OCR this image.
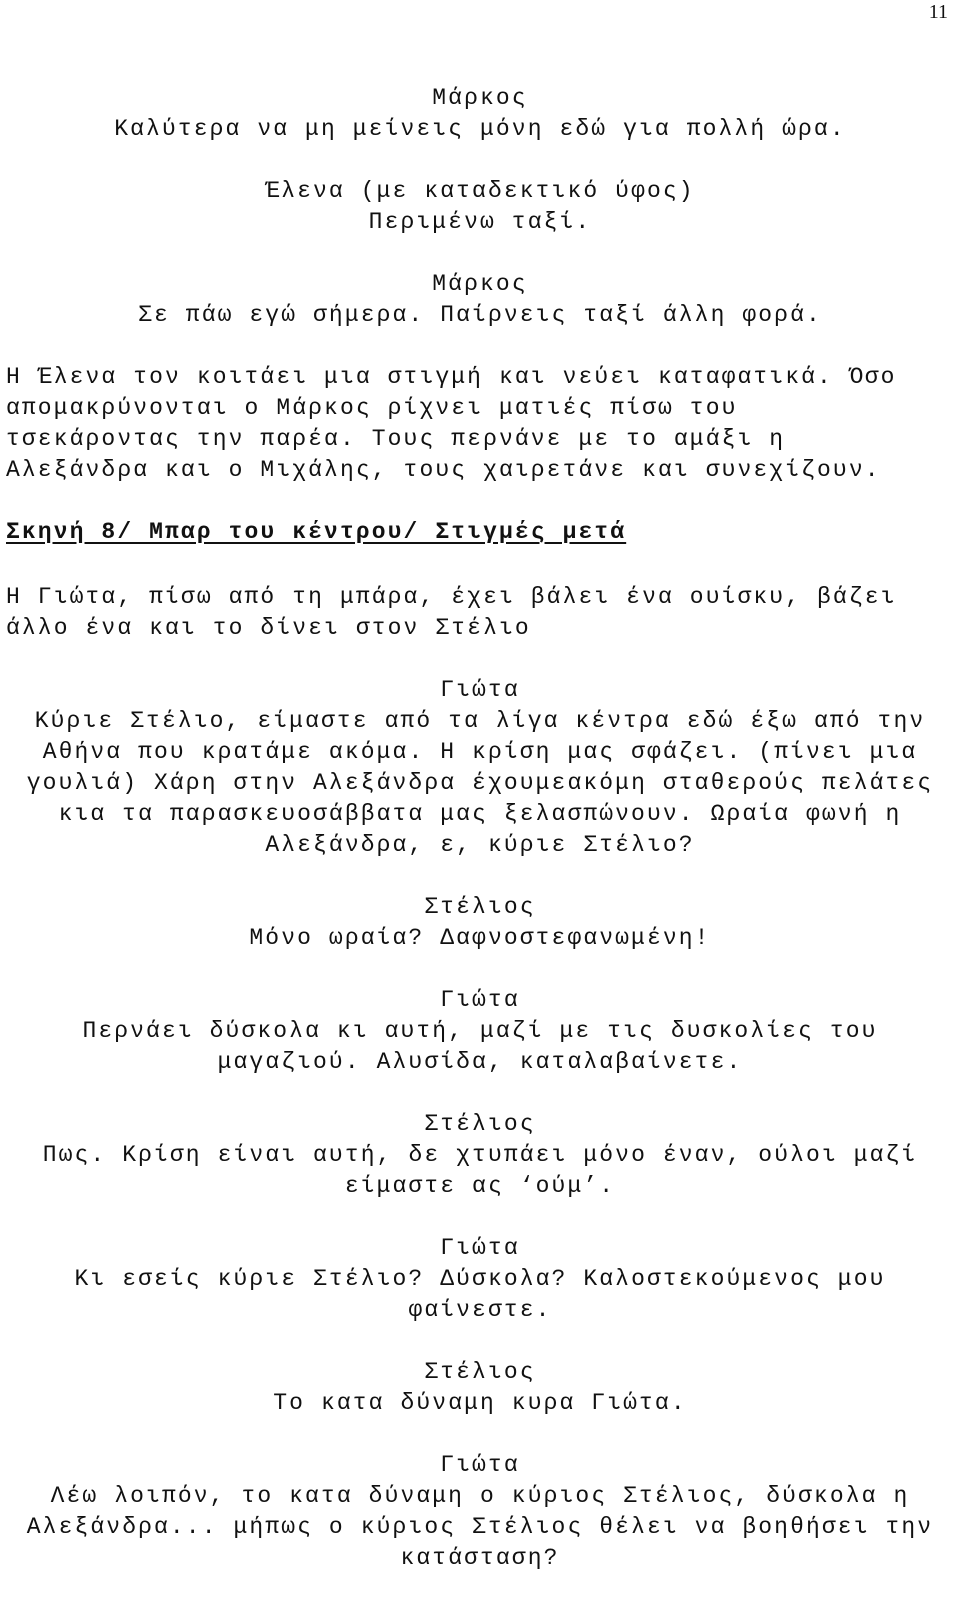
11
Μάρκος
Καλύτερα να μη μείνεις μόνη εδώ για πολλή ώρα.
Έλενα (με καταδεκτικό ύφος)
Περιμένω ταξί.
Μάρκος
Σε πάω εγώ σήμερα. Παίρνεις ταξί άλλη φορά.
Η Έλενα τον κοιτάει μια στιγμή και νεύει καταφατικά. Όσο
απομακρύνονται ο Μάρκος ρίχνει ματιές πίσω του
τσεκάροντας την παρέα. Τους περνάνε με το αμάξι η
Αλεξάνδρα και ο Μιχάλης, τους χαιρετάνε και συνεχίζουν.
Σκηνή 8/ Μπαρ του κέντρου/ Στιγμές μετά
Η Γιώτα, πίσω από τη μπάρα, έχει βάλει ένα ουίσκυ, βάζει
άλλο ένα και το δίνει στον Στέλιο
Γιώτα
Κύριε Στέλιο, είμαστε από τα λίγα κέντρα εδώ έξω από την
Αθήνα που κρατάμε ακόμα. Η κρίση μας σφάζει. (πίνει μια
γουλιά) Χάρη στην Αλεξάνδρα έχουμεακόμη σταθερούς πελάτες
κια τα παρασκευοσάββατα μας ξελασπώνουν. Ωραία φωνή η
Αλεξάνδρα, ε, κύριε Στέλιο?
Στέλιος
Μόνο ωραία? Δαφνοστεφανωμένη!
Γιώτα
Περνάει δύσκολα κι αυτή, μαζί με τις δυσκολίες του
μαγαζιού. Αλυσίδα, καταλαβαίνετε.
Στέλιος
Πως. Κρίση είναι αυτή, δε χτυπάει μόνο έναν, ούλοι μαζί
είμαστε ας ‘ούμ’.
Γιώτα
Κι εσείς κύριε Στέλιο? Δύσκολα? Καλοστεκούμενος μου
φαίνεστε.
Στέλιος
Το κατα δύναμη κυρα Γιώτα.
Γιώτα
Λέω λοιπόν, το κατα δύναμη ο κύριος Στέλιος, δύσκολα η
Αλεξάνδρα... μήπως ο κύριος Στέλιος θέλει να βοηθήσει την
κατάσταση?
